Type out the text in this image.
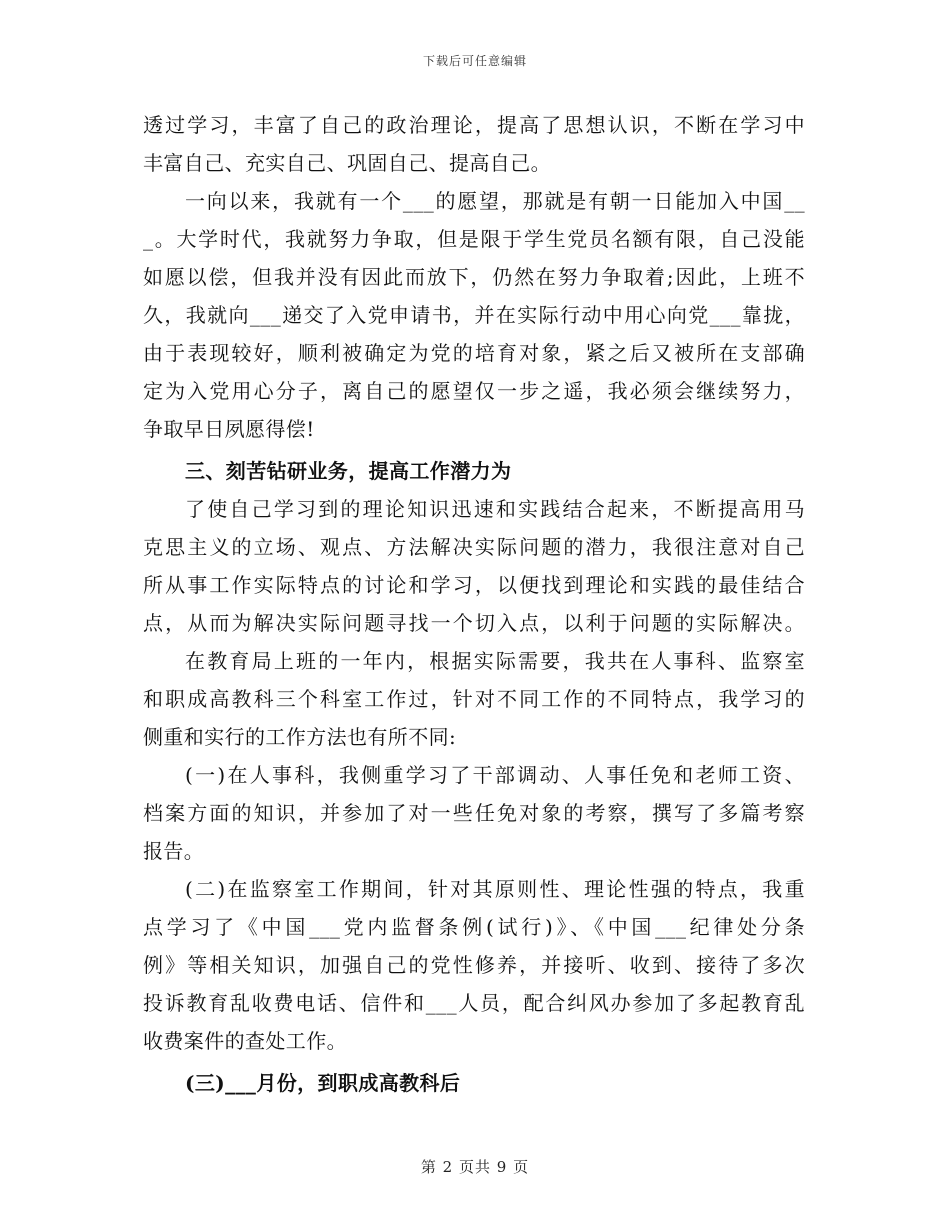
下载后可任意编辑
透过学习，丰富了自己的政治理论，提高了思想认识，不断在学习中
丰富自己、充实自己、巩固自己、提高自己。
一向以来，我就有一个___的愿望，那就是有朝一日能加入中国__
_。大学时代，我就努力争取，但是限于学生党员名额有限，自己没能
如愿以偿，但我并没有因此而放下，仍然在努力争取着;因此，上班不
久，我就向___递交了入党申请书，并在实际行动中用心向党___靠拢，
由于表现较好，顺利被确定为党的培育对象，紧之后又被所在支部确
定为入党用心分子，离自己的愿望仅一步之遥，我必须会继续努力，
争取早日夙愿得偿!
三、刻苦钻研业务，提高工作潜力为
了使自己学习到的理论知识迅速和实践结合起来，不断提高用马
克思主义的立场、观点、方法解决实际问题的潜力，我很注意对自己
所从事工作实际特点的讨论和学习，以便找到理论和实践的最佳结合
点，从而为解决实际问题寻找一个切入点，以利于问题的实际解决。
在教育局上班的一年内，根据实际需要，我共在人事科、监察室
和职成高教科三个科室工作过，针对不同工作的不同特点，我学习的
侧重和实行的工作方法也有所不同:
(一)在人事科，我侧重学习了干部调动、人事任免和老师工资、
档案方面的知识，并参加了对一些任免对象的考察，撰写了多篇考察
报告。
(二)在监察室工作期间，针对其原则性、理论性强的特点，我重
点学习了《中国___党内监督条例(试行)》、《中国___纪律处分条
例》等相关知识，加强自己的党性修养，并接听、收到、接待了多次
投诉教育乱收费电话、信件和___人员，配合纠风办参加了多起教育乱
收费案件的查处工作。
(三)___月份，到职成高教科后
第 2 页共 9 页
